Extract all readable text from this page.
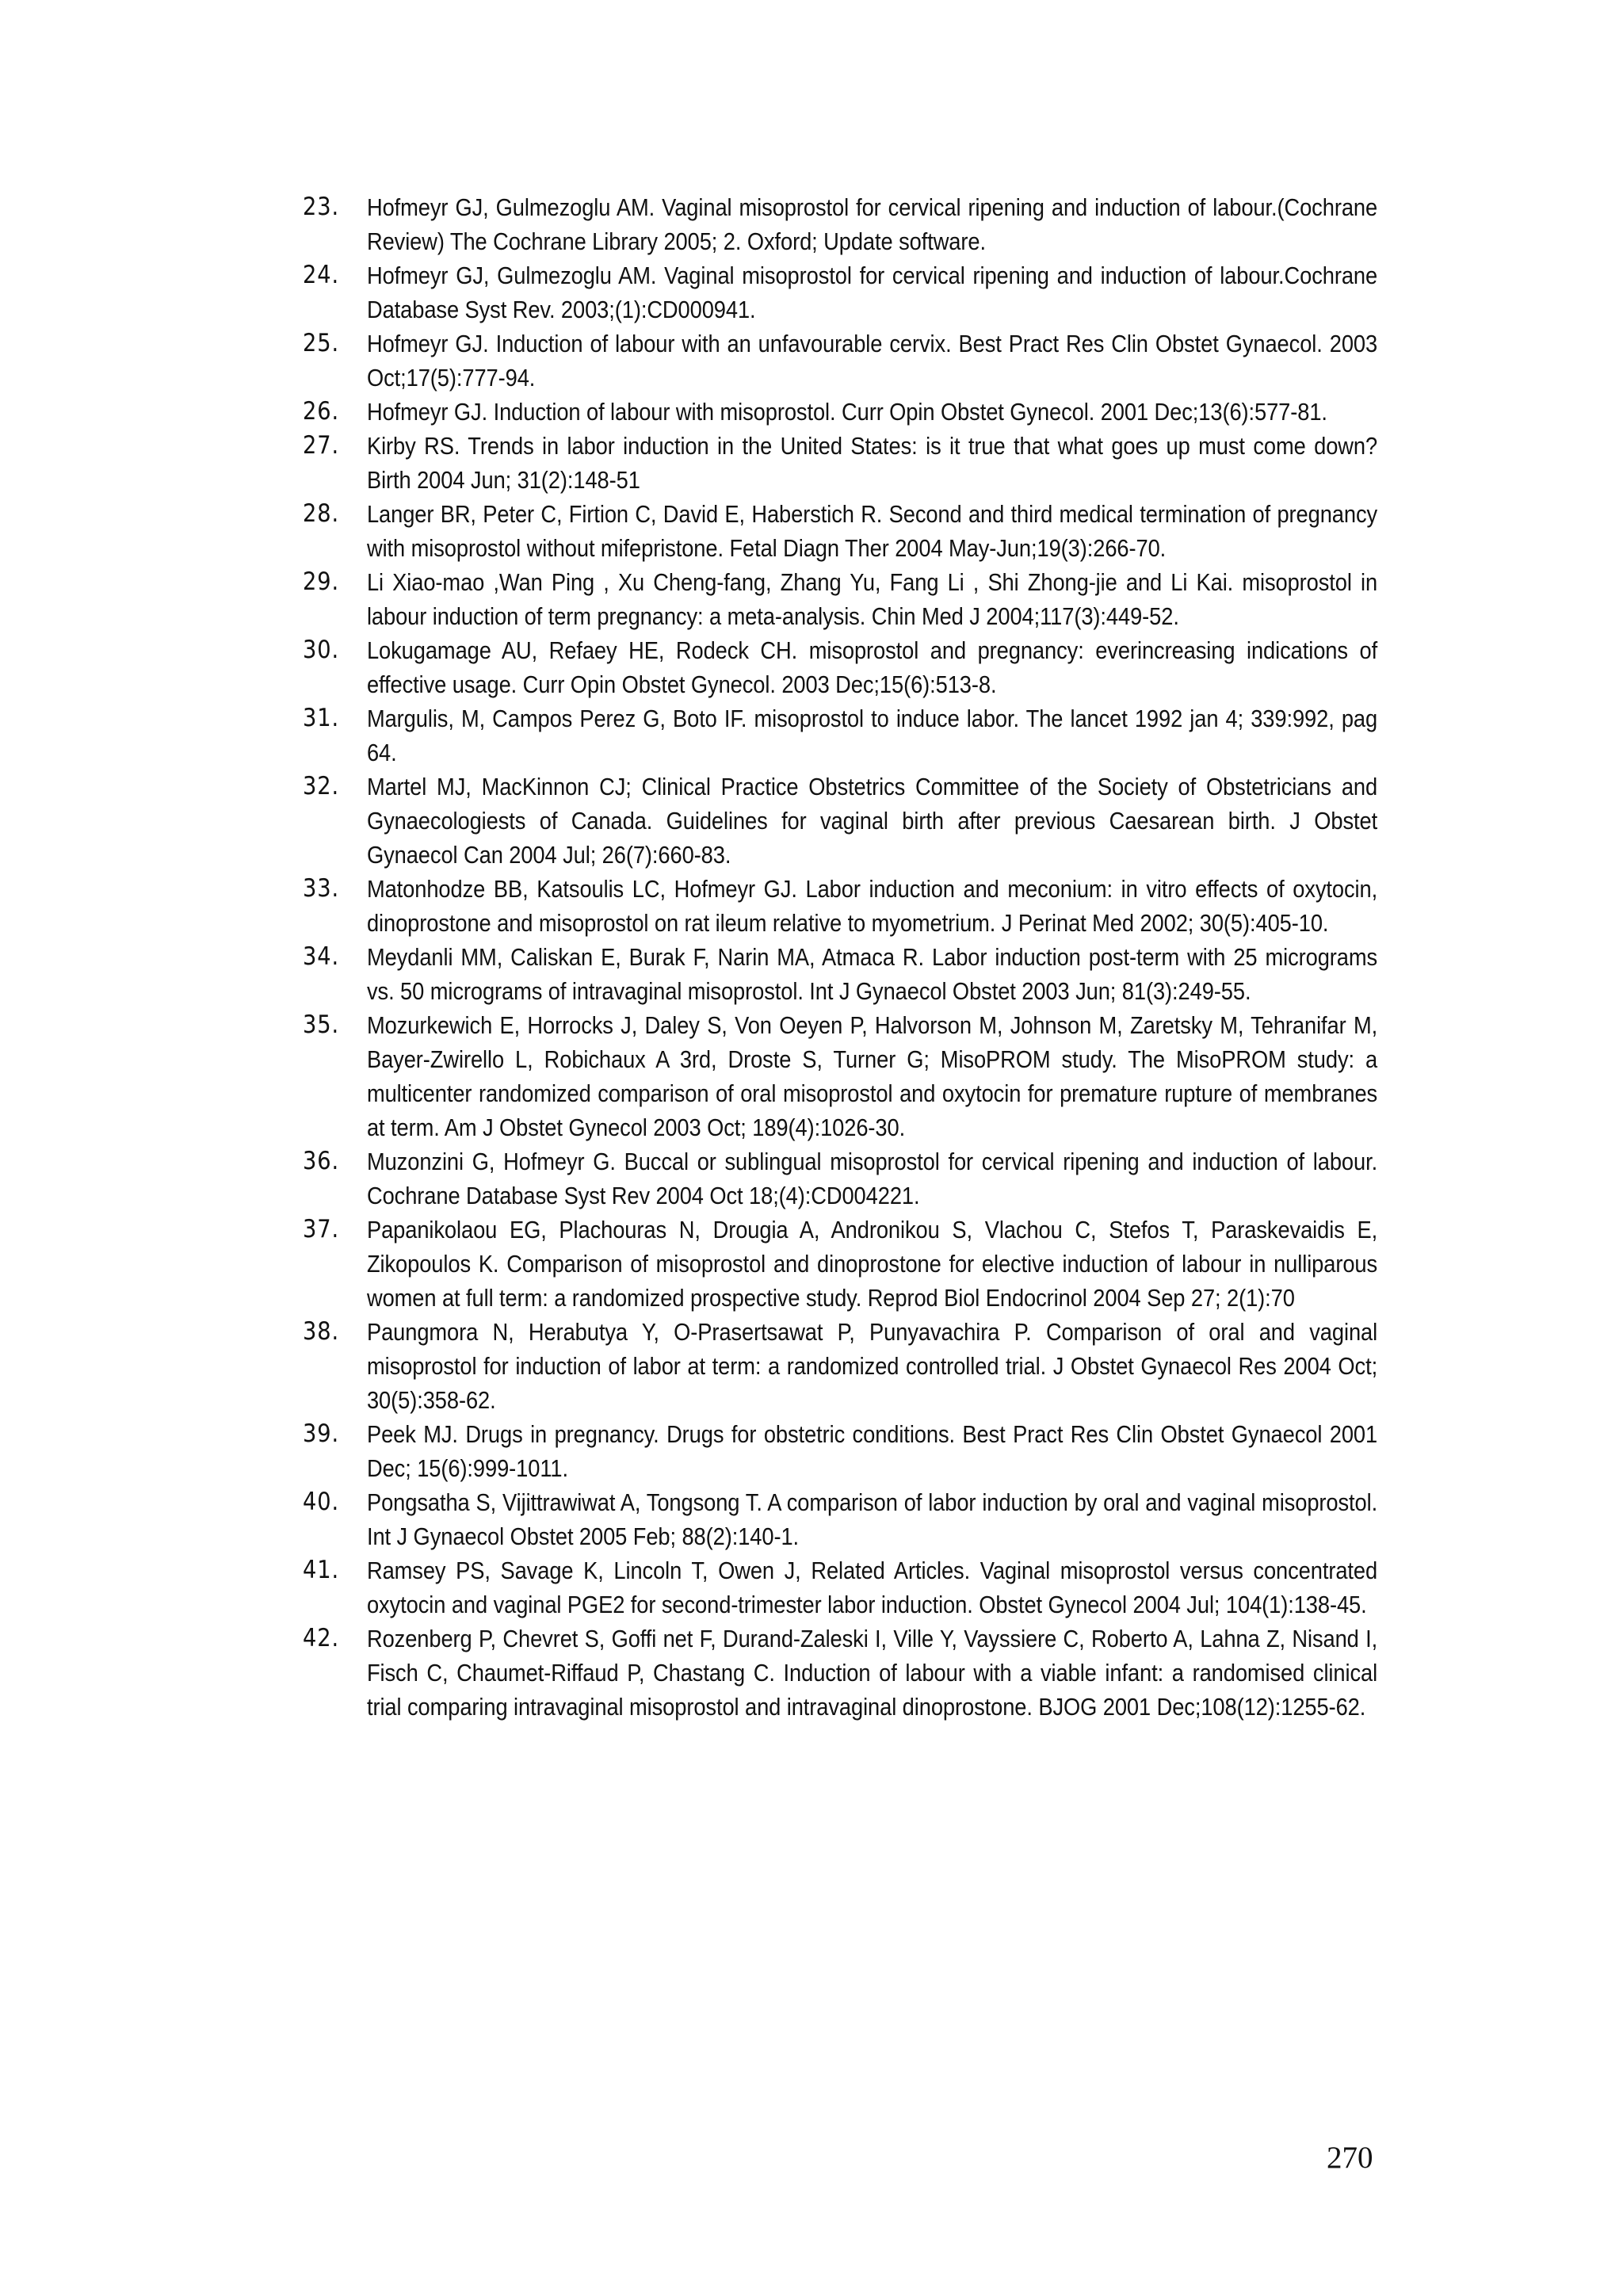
23.	Hofmeyr GJ, Gulmezoglu AM. Vaginal misoprostol for cervical ripening and induction of labour.(Cochrane Review) The Cochrane Library 2005; 2. Oxford; Update software.
24.	Hofmeyr GJ, Gulmezoglu AM. Vaginal misoprostol for cervical ripening and induction of labour.Cochrane Database Syst Rev. 2003;(1):CD000941.
25.	Hofmeyr GJ. Induction of labour with an unfavourable cervix. Best Pract Res Clin Obstet Gynaecol. 2003 Oct;17(5):777-94.
26.	Hofmeyr GJ. Induction of labour with misoprostol. Curr Opin Obstet Gynecol. 2001 Dec;13(6):577-81.
27.	Kirby RS. Trends in labor induction in the United States: is it true that what goes up must come down? Birth 2004 Jun; 31(2):148-51
28.	Langer BR, Peter C, Firtion C, David E, Haberstich R. Second and third medical termination of pregnancy with misoprostol without mifepristone. Fetal Diagn Ther 2004 May-Jun;19(3):266-70.
29.	Li Xiao-mao ,Wan Ping , Xu Cheng-fang, Zhang Yu, Fang Li , Shi Zhong-jie and Li Kai. misoprostol in labour induction of term pregnancy: a meta-analysis. Chin Med J 2004;117(3):449-52.
30.	Lokugamage AU, Refaey HE, Rodeck CH. misoprostol and pregnancy: everincreasing indications of effective usage. Curr Opin Obstet Gynecol. 2003 Dec;15(6):513-8.
31.	Margulis, M, Campos Perez G, Boto IF. misoprostol to induce labor. The lancet 1992 jan 4; 339:992, pag 64.
32.	Martel MJ, MacKinnon CJ; Clinical Practice Obstetrics Committee of the Society of Obstetricians and Gynaecologiests of Canada. Guidelines for vaginal birth after previous Caesarean birth. J Obstet Gynaecol Can 2004 Jul; 26(7):660-83.
33.	Matonhodze BB, Katsoulis LC, Hofmeyr GJ. Labor induction and meconium: in vitro effects of oxytocin, dinoprostone and misoprostol on rat ileum relative to myometrium. J Perinat Med 2002; 30(5):405-10.
34.	Meydanli MM, Caliskan E, Burak F, Narin MA, Atmaca R. Labor induction post-term with 25 micrograms vs. 50 micrograms of intravaginal misoprostol. Int J Gynaecol Obstet 2003 Jun; 81(3):249-55.
35.	Mozurkewich E, Horrocks J, Daley S, Von Oeyen P, Halvorson M, Johnson M, Zaretsky M, Tehranifar M, Bayer-Zwirello L, Robichaux A 3rd, Droste S, Turner G; MisoPROM study. The MisoPROM study: a multicenter randomized comparison of oral misoprostol and oxytocin for premature rupture of membranes at term. Am J Obstet Gynecol 2003 Oct; 189(4):1026-30.
36.	Muzonzini G, Hofmeyr G. Buccal or sublingual misoprostol for cervical ripening and induction of labour. Cochrane Database Syst Rev 2004 Oct 18;(4):CD004221.
37.	Papanikolaou EG, Plachouras N, Drougia A, Andronikou S, Vlachou C, Stefos T, Paraskevaidis E, Zikopoulos K. Comparison of misoprostol and dinoprostone for elective induction of labour in nulliparous women at full term: a randomized prospective study. Reprod Biol Endocrinol 2004 Sep 27; 2(1):70
38.	Paungmora N, Herabutya Y, O-Prasertsawat P, Punyavachira P. Comparison of oral and vaginal misoprostol for induction of labor at term: a randomized controlled trial. J Obstet Gynaecol Res 2004 Oct; 30(5):358-62.
39.	Peek MJ. Drugs in pregnancy. Drugs for obstetric conditions. Best Pract Res Clin Obstet Gynaecol 2001 Dec; 15(6):999-1011.
40.	Pongsatha S, Vijittrawiwat A, Tongsong T. A comparison of labor induction by oral and vaginal misoprostol. Int J Gynaecol Obstet 2005 Feb; 88(2):140-1.
41.	Ramsey PS, Savage K, Lincoln T, Owen J, Related Articles. Vaginal misoprostol versus concentrated oxytocin and vaginal PGE2 for second-trimester labor induction. Obstet Gynecol 2004 Jul; 104(1):138-45.
42.	Rozenberg P, Chevret S, Goffi net F, Durand-Zaleski I, Ville Y, Vayssiere C, Roberto A, Lahna Z, Nisand I, Fisch C, Chaumet-Riffaud P, Chastang C. Induction of labour with a viable infant: a randomised clinical trial comparing intravaginal misoprostol and intravaginal dinoprostone. BJOG 2001 Dec;108(12):1255-62.
270
